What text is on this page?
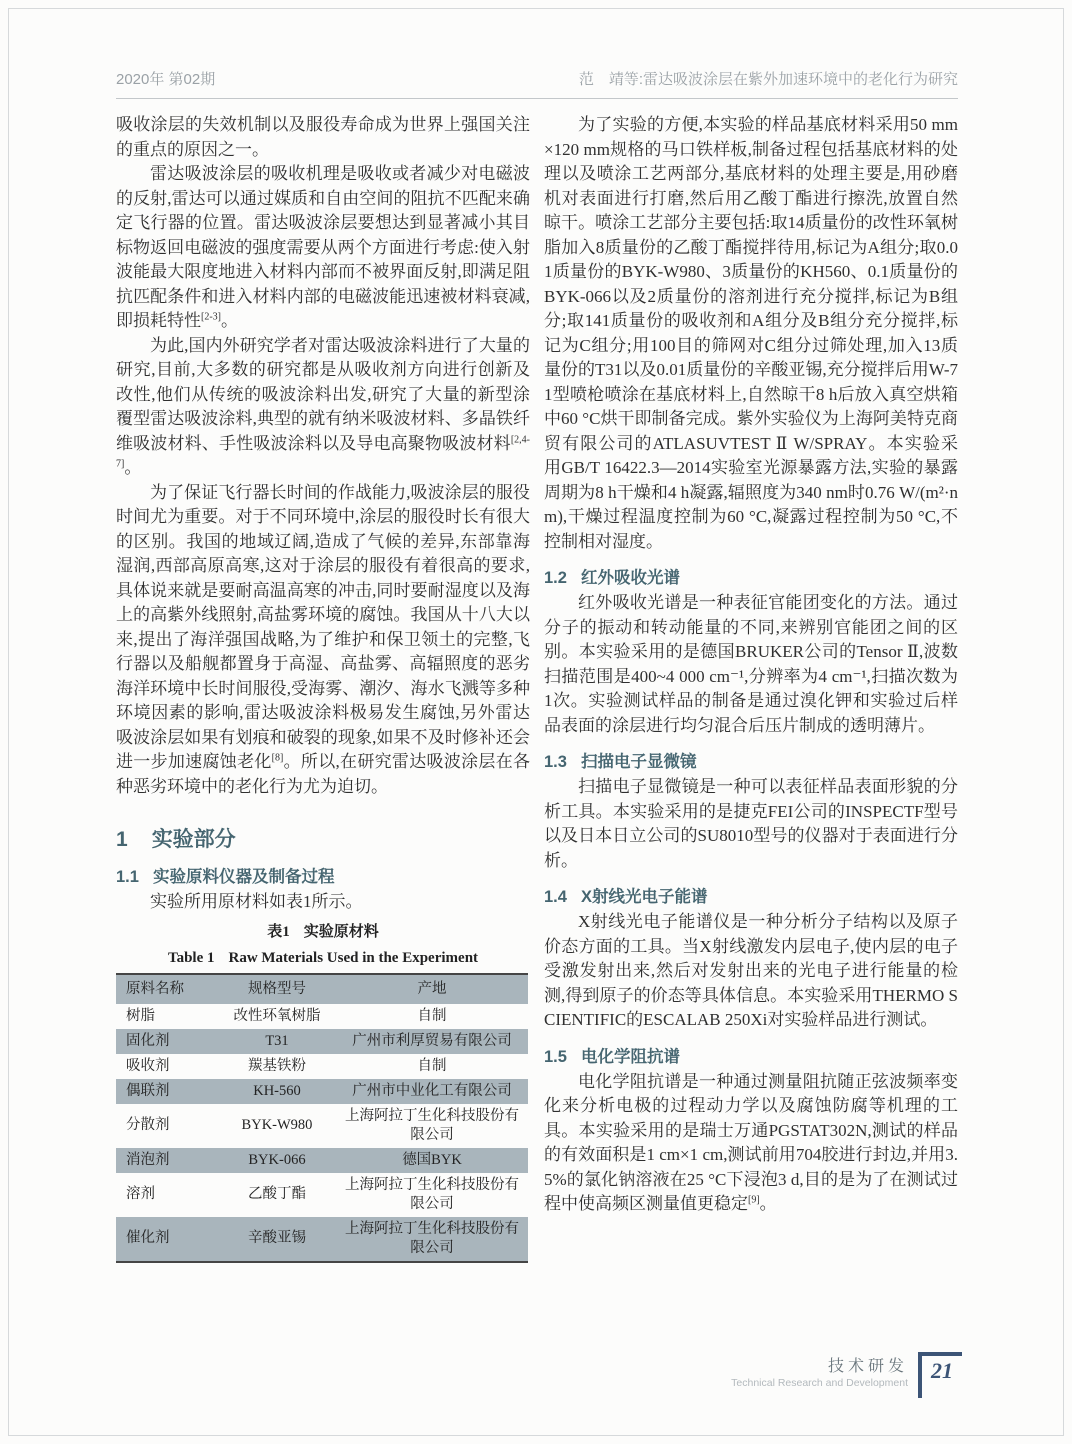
2020年 第02期	范　靖等:雷达吸波涂层在紫外加速环境中的老化行为研究

吸收涂层的失效机制以及服役寿命成为世界上强国关注的重点的原因之一。

雷达吸波涂层的吸收机理是吸收或者减少对电磁波的反射,雷达可以通过媒质和自由空间的阻抗不匹配来确定飞行器的位置。雷达吸波涂层要想达到显著减小其目标物返回电磁波的强度需要从两个方面进行考虑:使入射波能最大限度地进入材料内部而不被界面反射,即满足阻抗匹配条件和进入材料内部的电磁波能迅速被材料衰减,即损耗特性[2-3]。

为此,国内外研究学者对雷达吸波涂料进行了大量的研究,目前,大多数的研究都是从吸收剂方向进行创新及改性,他们从传统的吸波涂料出发,研究了大量的新型涂覆型雷达吸波涂料,典型的就有纳米吸波材料、多晶铁纤维吸波材料、手性吸波涂料以及导电高聚物吸波材料[2,4-7]。

为了保证飞行器长时间的作战能力,吸波涂层的服役时间尤为重要。对于不同环境中,涂层的服役时长有很大的区别。我国的地域辽阔,造成了气候的差异,东部靠海湿润,西部高原高寒,这对于涂层的服役有着很高的要求,具体说来就是要耐高温高寒的冲击,同时要耐湿度以及海上的高紫外线照射,高盐雾环境的腐蚀。我国从十八大以来,提出了海洋强国战略,为了维护和保卫领土的完整,飞行器以及船舰都置身于高湿、高盐雾、高辐照度的恶劣海洋环境中长时间服役,受海雾、潮汐、海水飞溅等多种环境因素的影响,雷达吸波涂料极易发生腐蚀,另外雷达吸波涂层如果有划痕和破裂的现象,如果不及时修补还会进一步加速腐蚀老化[8]。所以,在研究雷达吸波涂层在各种恶劣环境中的老化行为尤为迫切。

1 实验部分
1.1 实验原料仪器及制备过程

实验所用原材料如表1所示。

表1 实验原材料
Table 1 Raw Materials Used in the Experiment
原料名称	规格型号	产地
树脂	改性环氧树脂	自制
固化剂	T31	广州市利厚贸易有限公司
吸收剂	羰基铁粉	自制
偶联剂	KH-560	广州市中业化工有限公司
分散剂	BYK-W980	上海阿拉丁生化科技股份有限公司
消泡剂	BYK-066	德国BYK
溶剂	乙酸丁酯	上海阿拉丁生化科技股份有限公司
催化剂	辛酸亚锡	上海阿拉丁生化科技股份有限公司

为了实验的方便,本实验的样品基底材料采用50 mm×120 mm规格的马口铁样板,制备过程包括基底材料的处理以及喷涂工艺两部分,基底材料的处理主要是,用砂磨机对表面进行打磨,然后用乙酸丁酯进行擦洗,放置自然晾干。喷涂工艺部分主要包括:取14质量份的改性环氧树脂加入8质量份的乙酸丁酯搅拌待用,标记为A组分;取0.01质量份的BYK-W980、3质量份的KH560、0.1质量份的BYK-066以及2质量份的溶剂进行充分搅拌,标记为B组分;取141质量份的吸收剂和A组分及B组分充分搅拌,标记为C组分;用100目的筛网对C组分过筛处理,加入13质量份的T31以及0.01质量份的辛酸亚锡,充分搅拌后用W-71型喷枪喷涂在基底材料上,自然晾干8 h后放入真空烘箱中60 °C烘干即制备完成。紫外实验仪为上海阿美特克商贸有限公司的ATLASUVTEST Ⅱ W/SPRAY。本实验采用GB/T 16422.3—2014实验室光源暴露方法,实验的暴露周期为8 h干燥和4 h凝露,辐照度为340 nm时0.76 W/(m²·nm),干燥过程温度控制为60 °C,凝露过程控制为50 °C,不控制相对湿度。

1.2 红外吸收光谱

红外吸收光谱是一种表征官能团变化的方法。通过分子的振动和转动能量的不同,来辨别官能团之间的区别。本实验采用的是德国BRUKER公司的Tensor Ⅱ,波数扫描范围是400~4 000 cm⁻¹,分辨率为4 cm⁻¹,扫描次数为1次。实验测试样品的制备是通过溴化钾和实验过后样品表面的涂层进行均匀混合后压片制成的透明薄片。

1.3 扫描电子显微镜

扫描电子显微镜是一种可以表征样品表面形貌的分析工具。本实验采用的是捷克FEI公司的INSPECTF型号以及日本日立公司的SU8010型号的仪器对于表面进行分析。

1.4 X射线光电子能谱

X射线光电子能谱仪是一种分析分子结构以及原子价态方面的工具。当X射线激发内层电子,使内层的电子受激发射出来,然后对发射出来的光电子进行能量的检测,得到原子的价态等具体信息。本实验采用THERMO SCIENTIFIC的ESCALAB 250Xi对实验样品进行测试。

1.5 电化学阻抗谱

电化学阻抗谱是一种通过测量阻抗随正弦波频率变化来分析电极的过程动力学以及腐蚀防腐等机理的工具。本实验采用的是瑞士万通PGSTAT302N,测试的样品的有效面积是1 cm×1 cm,测试前用704胶进行封边,并用3.5%的氯化钠溶液在25 °C下浸泡3 d,目的是为了在测试过程中使高频区测量值更稳定[9]。

技术研发
Technical Research and Development 21
